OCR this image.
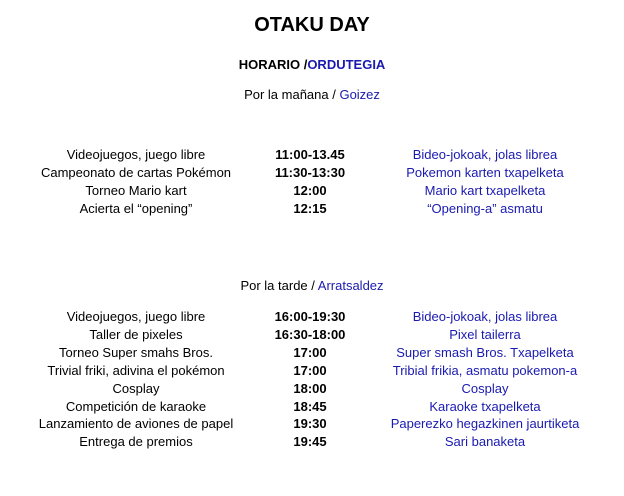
OTAKU DAY
HORARIO /ORDUTEGIA
Por la mañana / Goizez
Videojuegos, juego libre	11:00-13.45	Bideo-jokoak, jolas librea
Campeonato de cartas Pokémon	11:30-13:30	Pokemon karten txapelketa
Torneo Mario kart	12:00	Mario kart txapelketa
Acierta el “opening”	12:15	“Opening-a” asmatu
Por la tarde / Arratsaldez
Videojuegos, juego libre	16:00-19:30	Bideo-jokoak, jolas librea
Taller de pixeles	16:30-18:00	Pixel tailerra
Torneo Super smahs Bros.	17:00	Super smash Bros. Txapelketa
Trivial friki, adivina el pokémon	17:00	Tribial frikia, asmatu pokemon-a
Cosplay	18:00	Cosplay
Competición de karaoke	18:45	Karaoke txapelketa
Lanzamiento de aviones de papel	19:30	Paperezko hegazkinen jaurtiketa
Entrega de premios	19:45	Sari banaketa
